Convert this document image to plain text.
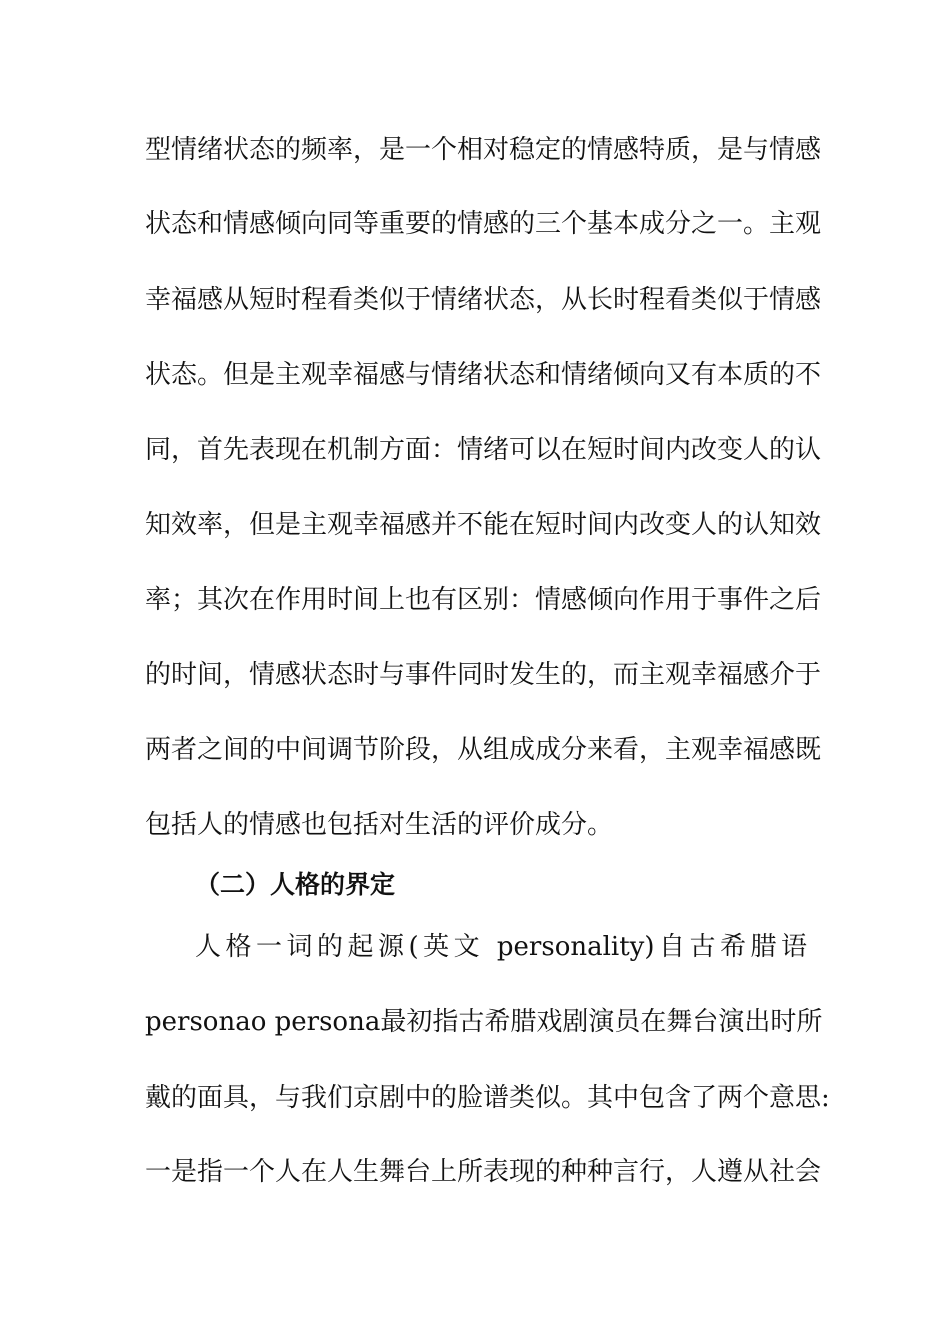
型情绪状态的频率，是一个相对稳定的情感特质，是与情感
状态和情感倾向同等重要的情感的三个基本成分之一。主观
幸福感从短时程看类似于情绪状态，从长时程看类似于情感
状态。但是主观幸福感与情绪状态和情绪倾向又有本质的不
同，首先表现在机制方面：情绪可以在短时间内改变人的认
知效率，但是主观幸福感并不能在短时间内改变人的认知效
率；其次在作用时间上也有区别：情感倾向作用于事件之后
的时间，情感状态时与事件同时发生的，而主观幸福感介于
两者之间的中间调节阶段，从组成成分来看，主观幸福感既
包括人的情感也包括对生活的评价成分。
（二）人格的界定
人格一词的起源(英文 personality)自古希腊语
personao persona最初指古希腊戏剧演员在舞台演出时所
戴的面具，与我们京剧中的脸谱类似。其中包含了两个意思:
一是指一个人在人生舞台上所表现的种种言行，人遵从社会
